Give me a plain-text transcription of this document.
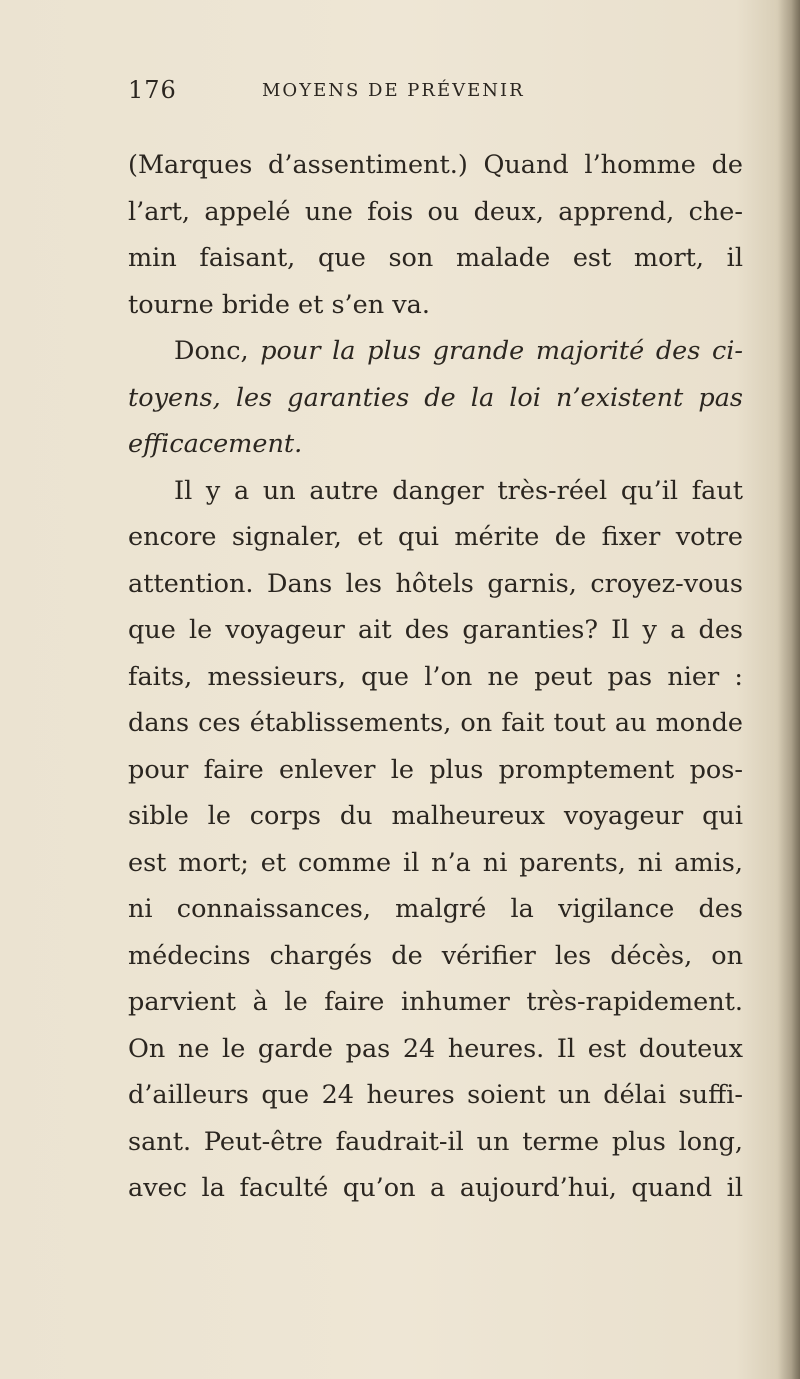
176	MOYENS DE PRÉVENIR
(Marques d’assentiment.) Quand l’homme de
l’art, appelé une fois ou deux, apprend, che-
min faisant, que son malade est mort, il
tourne bride et s’en va.
Donc, pour la plus grande majorité des ci-
toyens, les garanties de la loi n’existent pas
efficacement.
Il y a un autre danger très-réel qu’il faut
encore signaler, et qui mérite de fixer votre
attention. Dans les hôtels garnis, croyez-vous
que le voyageur ait des garanties? Il y a des
faits, messieurs, que l’on ne peut pas nier :
dans ces établissements, on fait tout au monde
pour faire enlever le plus promptement pos-
sible le corps du malheureux voyageur qui
est mort; et comme il n’a ni parents, ni amis,
ni connaissances, malgré la vigilance des
médecins chargés de vérifier les décès, on
parvient à le faire inhumer très-rapidement.
On ne le garde pas 24 heures. Il est douteux
d’ailleurs que 24 heures soient un délai suffi-
sant. Peut-être faudrait-il un terme plus long,
avec la faculté qu’on a aujourd’hui, quand il
